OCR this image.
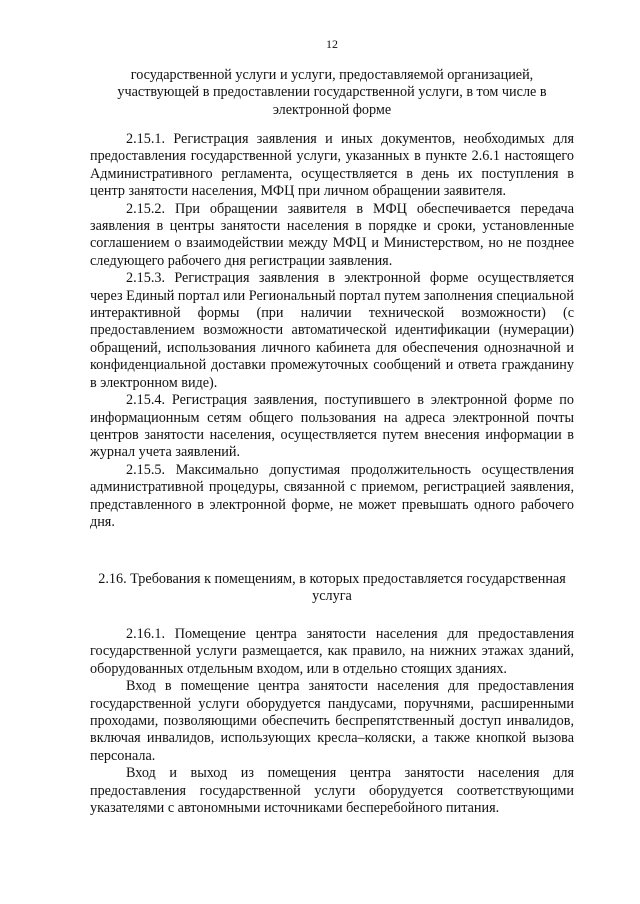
12

государственной услуги и услуги, предоставляемой организацией, участвующей в предоставлении государственной услуги, в том числе в электронной форме

2.15.1. Регистрация заявления и иных документов, необходимых для предоставления государственной услуги, указанных в пункте 2.6.1 настоящего Административного регламента, осуществляется в день их поступления в центр занятости населения, МФЦ при личном обращении заявителя.

2.15.2. При обращении заявителя в МФЦ обеспечивается передача заявления в центры занятости населения в порядке и сроки, установленные соглашением о взаимодействии между МФЦ и Министерством, но не позднее следующего рабочего дня регистрации заявления.

2.15.3. Регистрация заявления в электронной форме осуществляется через Единый портал или Региональный портал путем заполнения специальной интерактивной формы (при наличии технической возможности) (с предоставлением возможности автоматической идентификации (нумерации) обращений, использования личного кабинета для обеспечения однозначной и конфиденциальной доставки промежуточных сообщений и ответа гражданину в электронном виде).

2.15.4. Регистрация заявления, поступившего в электронной форме по информационным сетям общего пользования на адреса электронной почты центров занятости населения, осуществляется путем внесения информации в журнал учета заявлений.

2.15.5. Максимально допустимая продолжительность осуществления административной процедуры, связанной с приемом, регистрацией заявления, представленного в электронной форме, не может превышать одного рабочего дня.

2.16. Требования к помещениям, в которых предоставляется государственная услуга

2.16.1. Помещение центра занятости населения для предоставления государственной услуги размещается, как правило, на нижних этажах зданий, оборудованных отдельным входом, или в отдельно стоящих зданиях.

Вход в помещение центра занятости населения для предоставления государственной услуги оборудуется пандусами, поручнями, расширенными проходами, позволяющими обеспечить беспрепятственный доступ инвалидов, включая инвалидов, использующих кресла–коляски, а также кнопкой вызова персонала.

Вход и выход из помещения центра занятости населения для предоставления государственной услуги оборудуется соответствующими указателями с автономными источниками бесперебойного питания.
